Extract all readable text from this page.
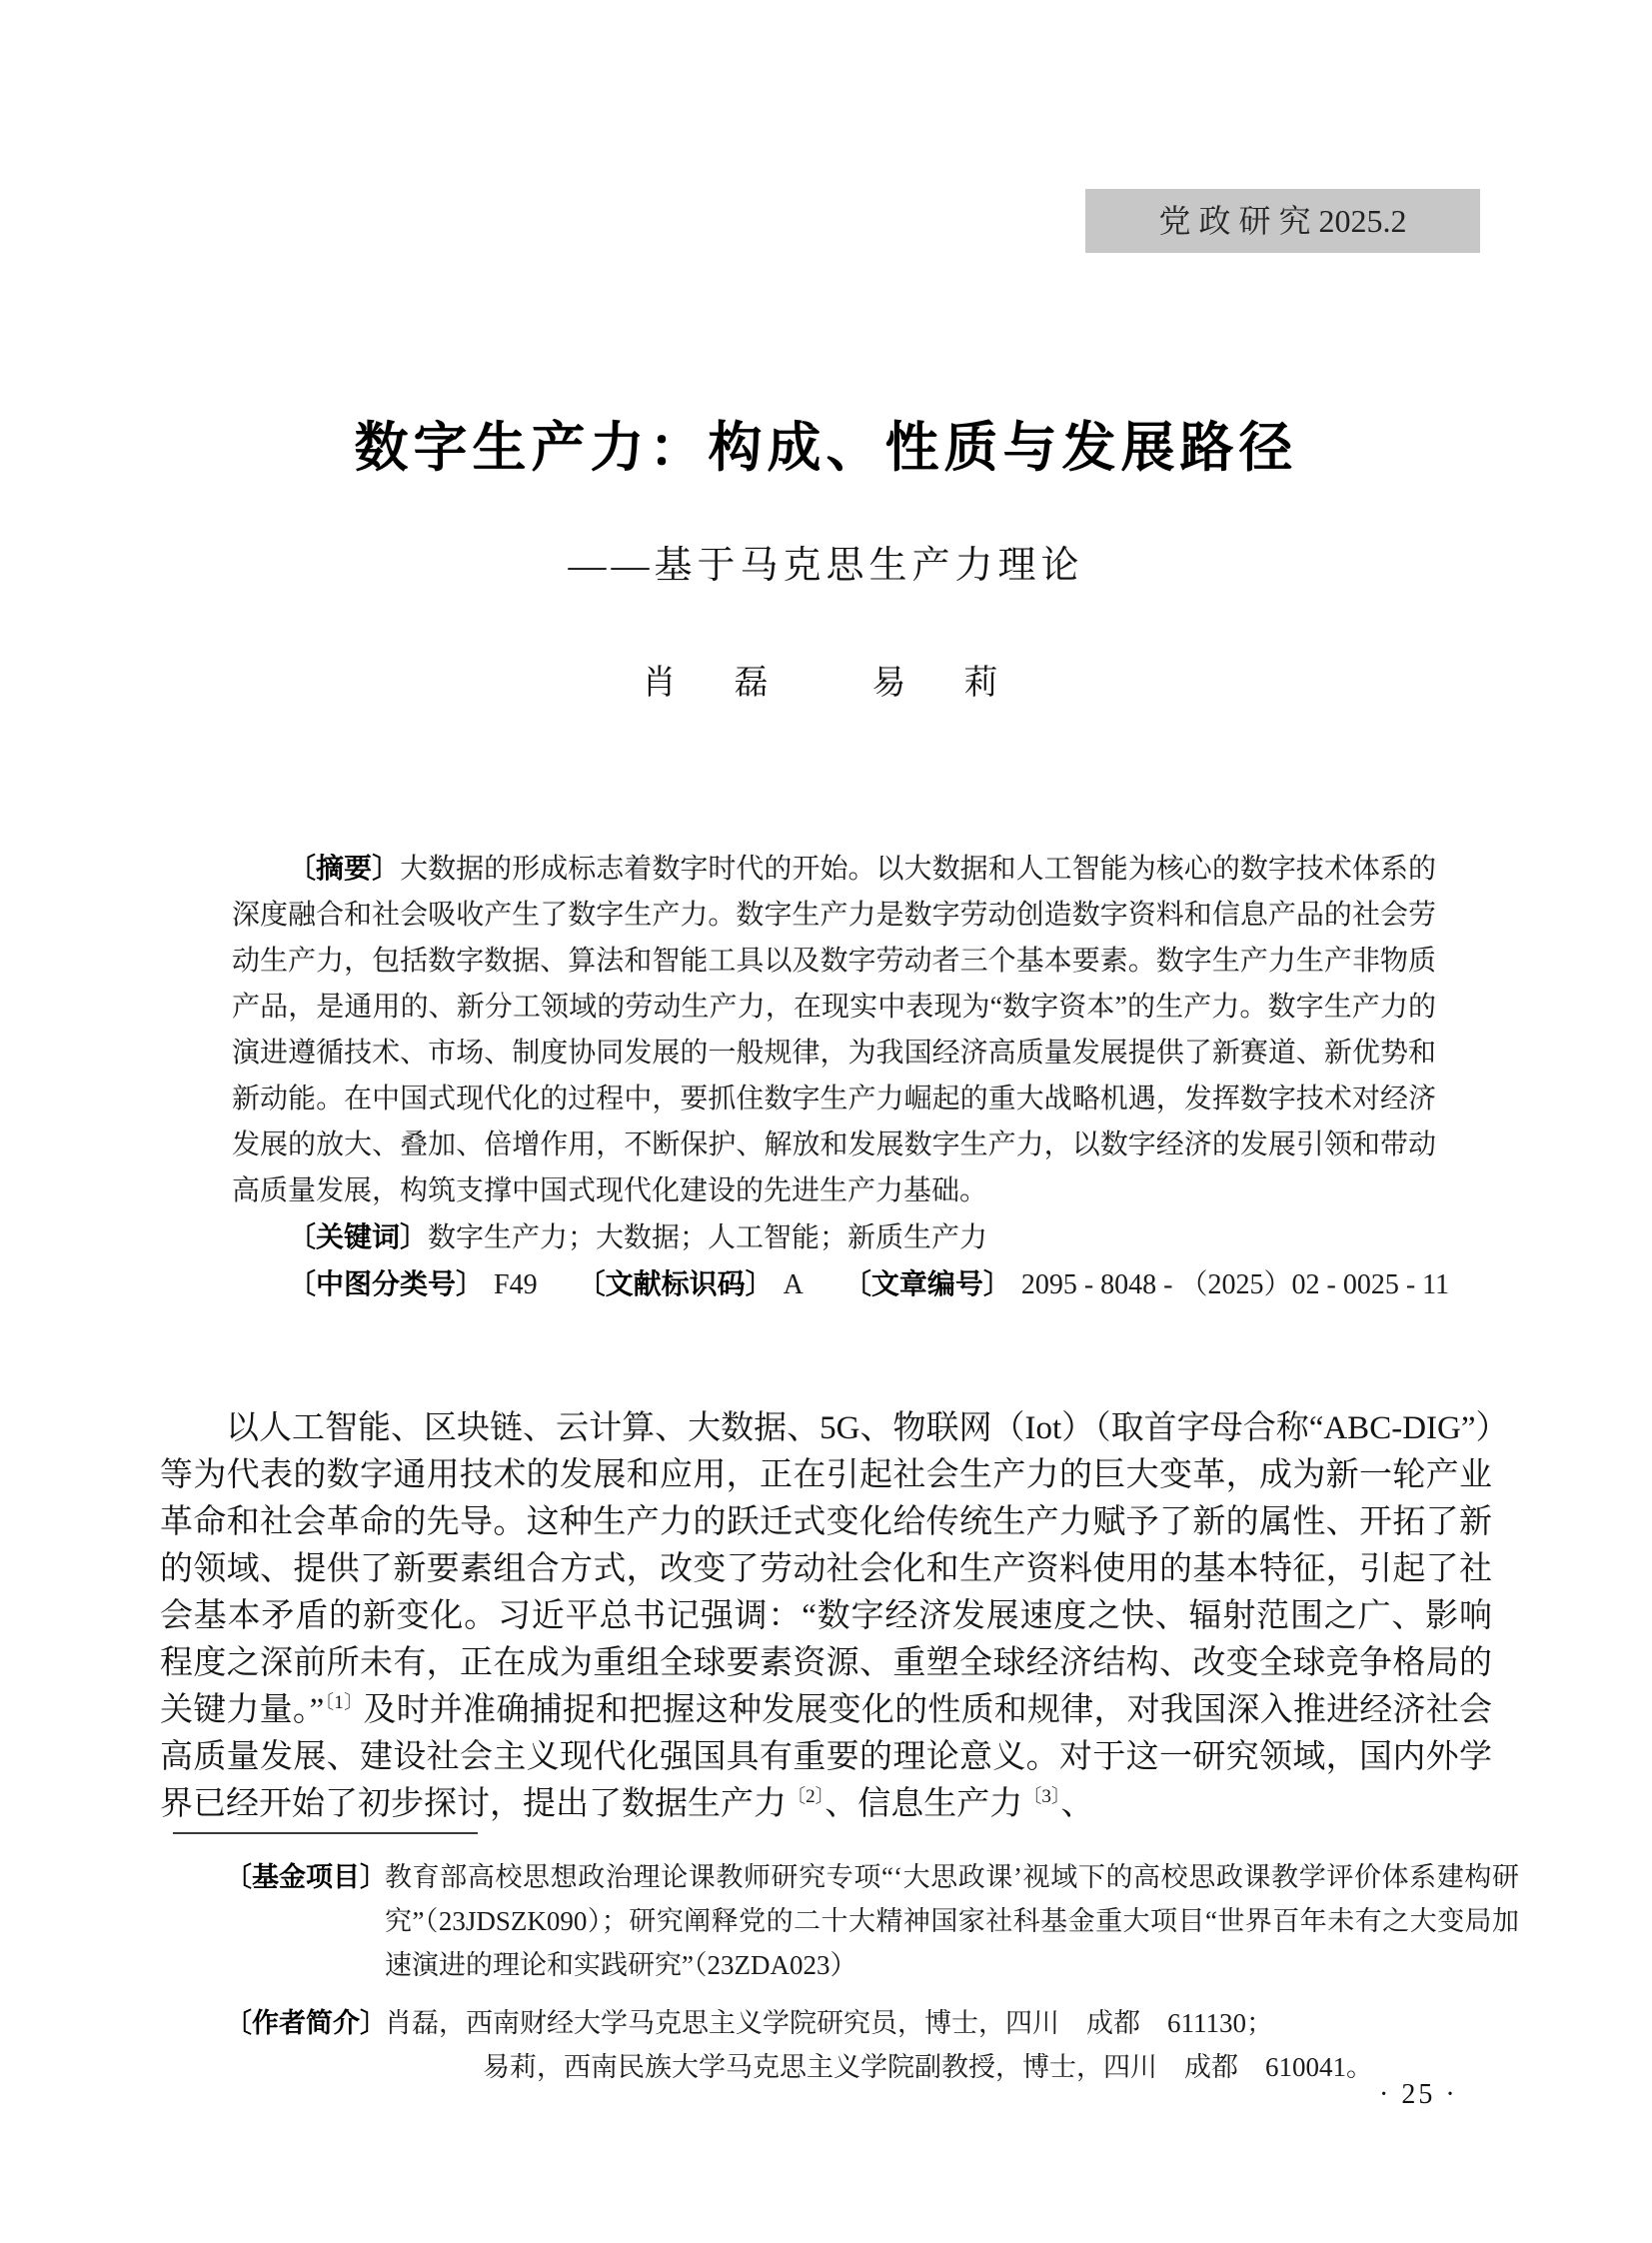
党 政 研 究 2025.2
数字生产力：构成、性质与发展路径
——基于马克思生产力理论
肖　磊　　易　莉

〔摘要〕大数据的形成标志着数字时代的开始。以大数据和人工智能为核心的数字技术体系的深度融合和社会吸收产生了数字生产力。数字生产力是数字劳动创造数字资料和信息产品的社会劳动生产力，包括数字数据、算法和智能工具以及数字劳动者三个基本要素。数字生产力生产非物质产品，是通用的、新分工领域的劳动生产力，在现实中表现为“数字资本”的生产力。数字生产力的演进遵循技术、市场、制度协同发展的一般规律，为我国经济高质量发展提供了新赛道、新优势和新动能。在中国式现代化的过程中，要抓住数字生产力崛起的重大战略机遇，发挥数字技术对经济发展的放大、叠加、倍增作用，不断保护、解放和发展数字生产力，以数字经济的发展引领和带动高质量发展，构筑支撑中国式现代化建设的先进生产力基础。

〔关键词〕数字生产力；大数据；人工智能；新质生产力

〔中图分类号〕 F49 〔文献标识码〕 A 〔文章编号〕 2095 - 8048 - （2025）02 - 0025 - 11

以人工智能、区块链、云计算、大数据、5G、物联网（Iot）（取首字母合称“ABC-DIG”）等为代表的数字通用技术的发展和应用，正在引起社会生产力的巨大变革，成为新一轮产业革命和社会革命的先导。这种生产力的跃迁式变化给传统生产力赋予了新的属性、开拓了新的领域、提供了新要素组合方式，改变了劳动社会化和生产资料使用的基本特征，引起了社会基本矛盾的新变化。习近平总书记强调：“数字经济发展速度之快、辐射范围之广、影响程度之深前所未有，正在成为重组全球要素资源、重塑全球经济结构、改变全球竞争格局的关键力量。”$^{〔1〕}$及时并准确捕捉和把握这种发展变化的性质和规律，对我国深入推进经济社会高质量发展、建设社会主义现代化强国具有重要的理论意义。对于这一研究领域，国内外学界已经开始了初步探讨，提出了数据生产力$^{〔2〕}$、信息生产力$^{〔3〕}$、
〔基金项目〕
教育部高校思想政治理论课教师研究专项“‘大思政课’视域下的高校思政课教学评价体系建构研究”（23JDSZK090）；研究阐释党的二十大精神国家社科基金重大项目“世界百年未有之大变局加速演进的理论和实践研究”（23ZDA023）
〔作者简介〕
肖磊，西南财经大学马克思主义学院研究员，博士，四川　成都　611130；
易莉，西南民族大学马克思主义学院副教授，博士，四川　成都　610041。
· 25 ·
